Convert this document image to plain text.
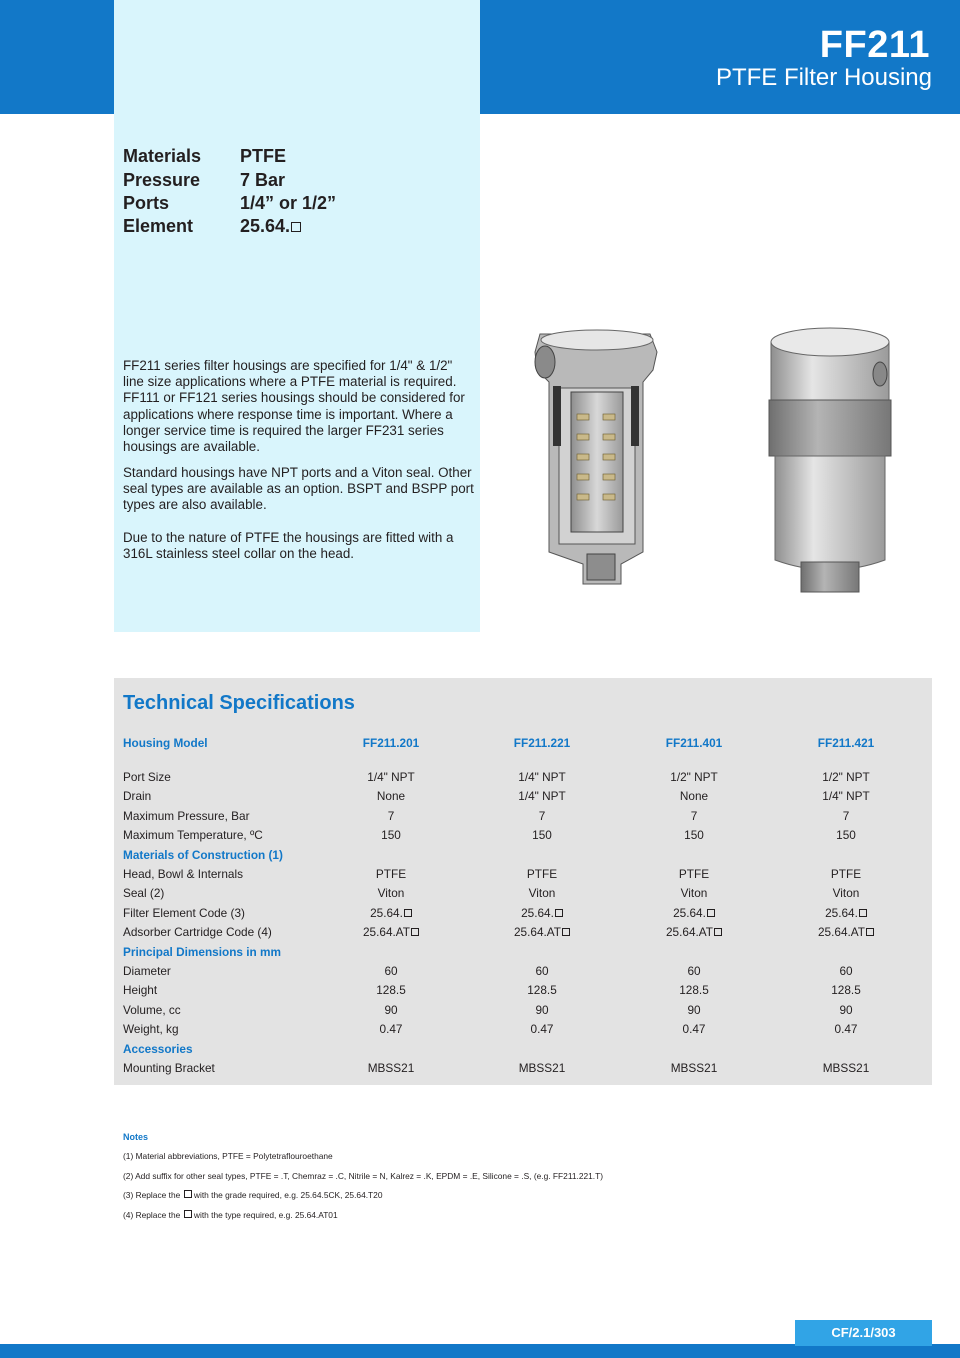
FF211
PTFE Filter Housing
Materials	PTFE
Pressure	7 Bar
Ports	1/4” or 1/2”
Element	25.64.
FF211 series filter housings are specified for 1/4" & 1/2" line size applications where a PTFE material is required. FF111 or FF121 series housings should be considered for applications where response time is important. Where a longer service time is required the larger FF231 series housings are available.
Standard housings have NPT ports and a Viton seal. Other seal types are available as an option. BSPT and BSPP port types are also available.
Due to the nature of PTFE the housings are fitted with a 316L stainless steel collar on the head.
Technical Specifications
Housing Model	FF211.201	FF211.221	FF211.401	FF211.421
Port Size	1/4" NPT	1/4" NPT	1/2" NPT	1/2" NPT
Drain	None	1/4" NPT	None	1/4" NPT
Maximum Pressure, Bar	7	7	7	7
Maximum Temperature, ºC	150	150	150	150
Materials of Construction (1)
Head, Bowl & Internals	PTFE	PTFE	PTFE	PTFE
Seal (2)	Viton	Viton	Viton	Viton
Filter Element Code (3)	25.64.	25.64.	25.64.	25.64.
Adsorber Cartridge Code (4)	25.64.AT	25.64.AT	25.64.AT	25.64.AT
Principal Dimensions in mm
Diameter	60	60	60	60
Height	128.5	128.5	128.5	128.5
Volume, cc	90	90	90	90
Weight, kg	0.47	0.47	0.47	0.47
Accessories
Mounting Bracket	MBSS21	MBSS21	MBSS21	MBSS21
Notes
(1) Material abbreviations, PTFE = Polytetraflouroethane
(2) Add suffix for other seal types, PTFE = .T, Chemraz = .C, Nitrile = N, Kalrez = .K, EPDM = .E, Silicone = .S, (e.g. FF211.221.T)
(3) Replace the with the grade required, e.g. 25.64.5CK, 25.64.T20
(4) Replace the with the type required, e.g. 25.64.AT01
CF/2.1/303
